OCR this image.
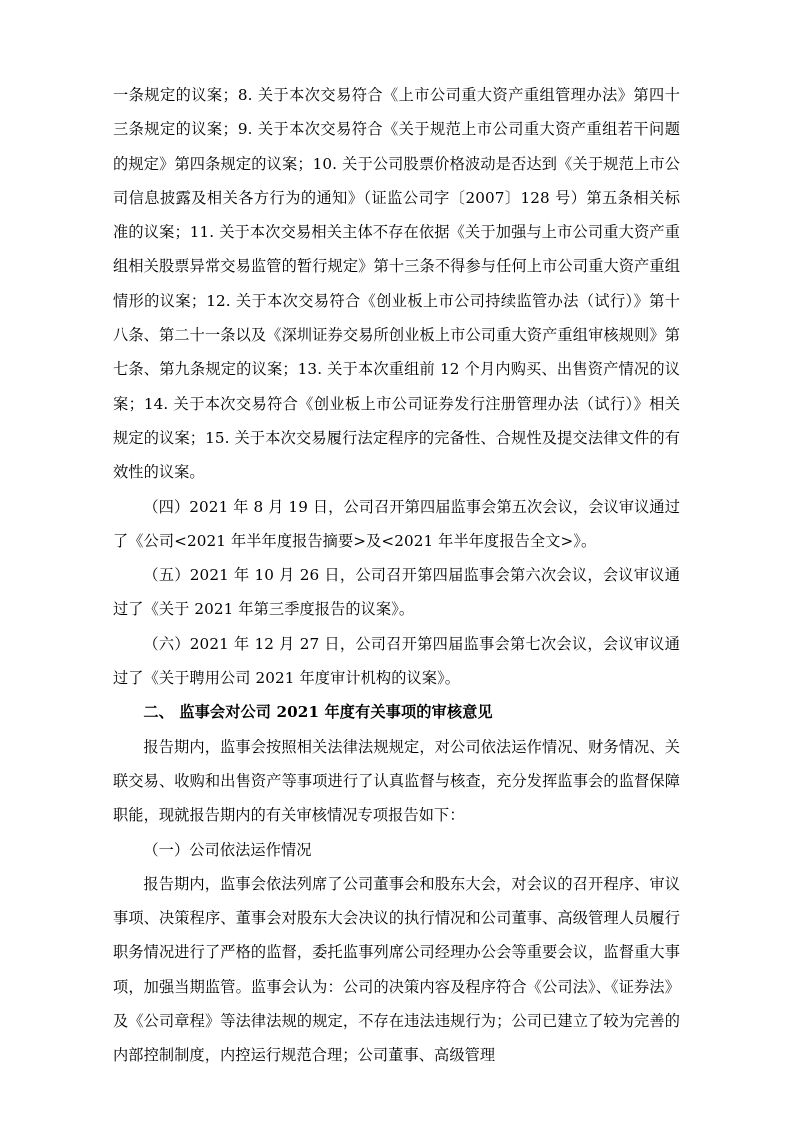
一条规定的议案；8. 关于本次交易符合《上市公司重大资产重组管理办法》第四十三条规定的议案；9. 关于本次交易符合《关于规范上市公司重大资产重组若干问题的规定》第四条规定的议案；10. 关于公司股票价格波动是否达到《关于规范上市公司信息披露及相关各方行为的通知》（证监公司字〔2007〕128 号）第五条相关标准的议案；11. 关于本次交易相关主体不存在依据《关于加强与上市公司重大资产重组相关股票异常交易监管的暂行规定》第十三条不得参与任何上市公司重大资产重组情形的议案；12. 关于本次交易符合《创业板上市公司持续监管办法（试行）》第十八条、第二十一条以及《深圳证券交易所创业板上市公司重大资产重组审核规则》第七条、第九条规定的议案；13. 关于本次重组前 12 个月内购买、出售资产情况的议案；14. 关于本次交易符合《创业板上市公司证券发行注册管理办法（试行）》相关规定的议案；15. 关于本次交易履行法定程序的完备性、合规性及提交法律文件的有效性的议案。

（四）2021 年 8 月 19 日，公司召开第四届监事会第五次会议，会议审议通过了《公司<2021 年半年度报告摘要>及<2021 年半年度报告全文>》。

（五）2021 年 10 月 26 日，公司召开第四届监事会第六次会议，会议审议通过了《关于 2021 年第三季度报告的议案》。

（六）2021 年 12 月 27 日，公司召开第四届监事会第七次会议，会议审议通过了《关于聘用公司 2021 年度审计机构的议案》。

二、 监事会对公司 2021 年度有关事项的审核意见

报告期内，监事会按照相关法律法规规定，对公司依法运作情况、财务情况、关联交易、收购和出售资产等事项进行了认真监督与核查，充分发挥监事会的监督保障职能，现就报告期内的有关审核情况专项报告如下：

（一）公司依法运作情况

报告期内，监事会依法列席了公司董事会和股东大会，对会议的召开程序、审议事项、决策程序、董事会对股东大会决议的执行情况和公司董事、高级管理人员履行职务情况进行了严格的监督，委托监事列席公司经理办公会等重要会议，监督重大事项，加强当期监管。监事会认为：公司的决策内容及程序符合《公司法》、《证券法》及《公司章程》等法律法规的规定，不存在违法违规行为；公司已建立了较为完善的内部控制制度，内控运行规范合理；公司董事、高级管理
